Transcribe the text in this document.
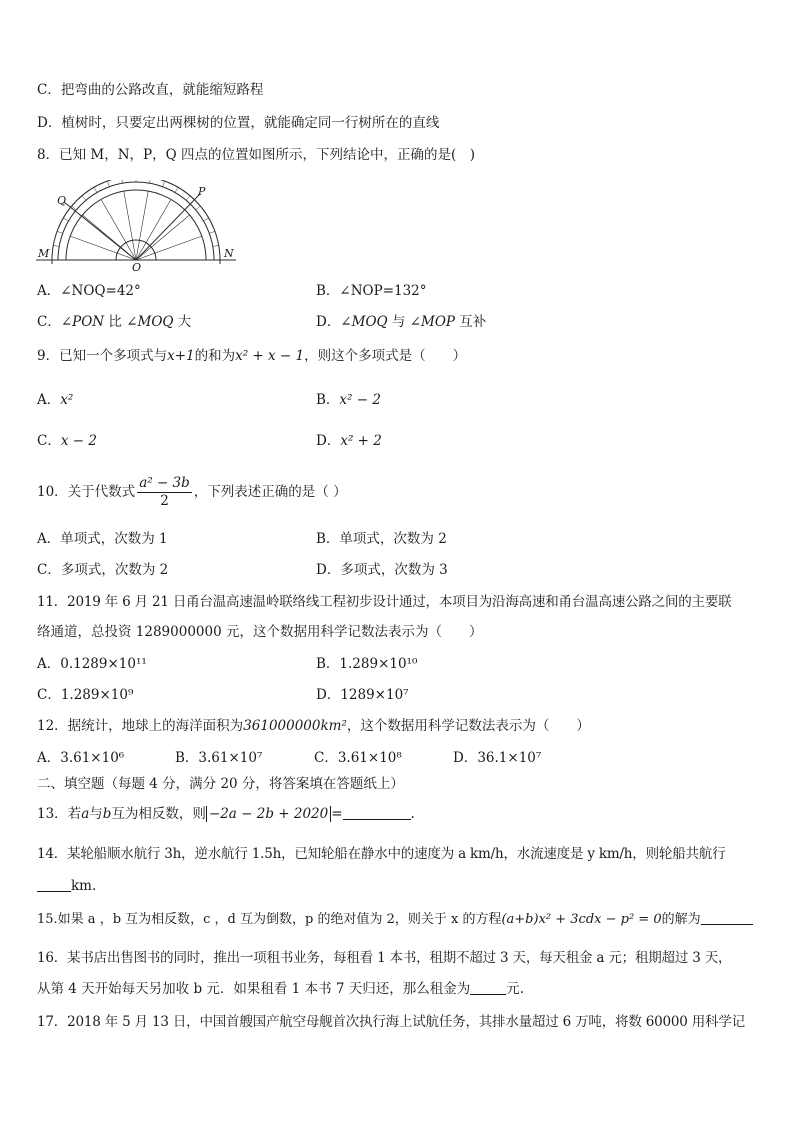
C．把弯曲的公路改直，就能缩短路程
D．植树时，只要定出两棵树的位置，就能确定同一行树所在的直线
8．已知 M，N，P，Q 四点的位置如图所示，下列结论中，正确的是(　)
Q
P
M	N
O
A．∠NOQ=42°	B．∠NOP=132°
C．∠PON 比 ∠MOQ 大	D．∠MOQ 与 ∠MOP 互补
9．已知一个多项式与x+1的和为x² + x − 1，则这个多项式是（　　）
A．x²	B．x² − 2
C．x − 2	D．x² + 2
10．关于代数式 $\frac{\text{a² − 3b}}{2}$ ，下列表述正确的是（ ）
A．单项式，次数为 1	B．单项式，次数为 2
C．多项式，次数为 2	D．多项式，次数为 3
11．2019 年 6 月 21 日甬台温高速温岭联络线工程初步设计通过，本项目为沿海高速和甬台温高速公路之间的主要联
络通道，总投资 1289000000 元，这个数据用科学记数法表示为（　　）
A．0.1289×10¹¹	B．1.289×10¹⁰
C．1.289×10⁹	D．1289×10⁷
12．据统计，地球上的海洋面积为361000000km²，这个数据用科学记数法表示为（　　）
A．3.61×10⁶	B．3.61×10⁷	C．3.61×10⁸	D．36.1×10⁷
二、填空题（每题 4 分，满分 20 分，将答案填在答题纸上）
13．若a与b互为相反数，则 −2a − 2b + 2020 =	.
14．某轮船顺水航行 3h，逆水航行 1.5h，已知轮船在静水中的速度为 a km/h，水流速度是 y km/h，则轮船共航行
km.
15.如果 a ，b 互为相反数，c ，d 互为倒数，p 的绝对值为 2，则关于 x 的方程(a+b)x² + 3cdx − p² = 0的解为
16．某书店出售图书的同时，推出一项租书业务，每租看 1 本书，租期不超过 3 天，每天租金 a 元；租期超过 3 天，
从第 4 天开始每天另加收 b 元．如果租看 1 本书 7 天归还，那么租金为	元.
17．2018 年 5 月 13 日，中国首艘国产航空母舰首次执行海上试航任务，其排水量超过 6 万吨，将数 60000 用科学记
